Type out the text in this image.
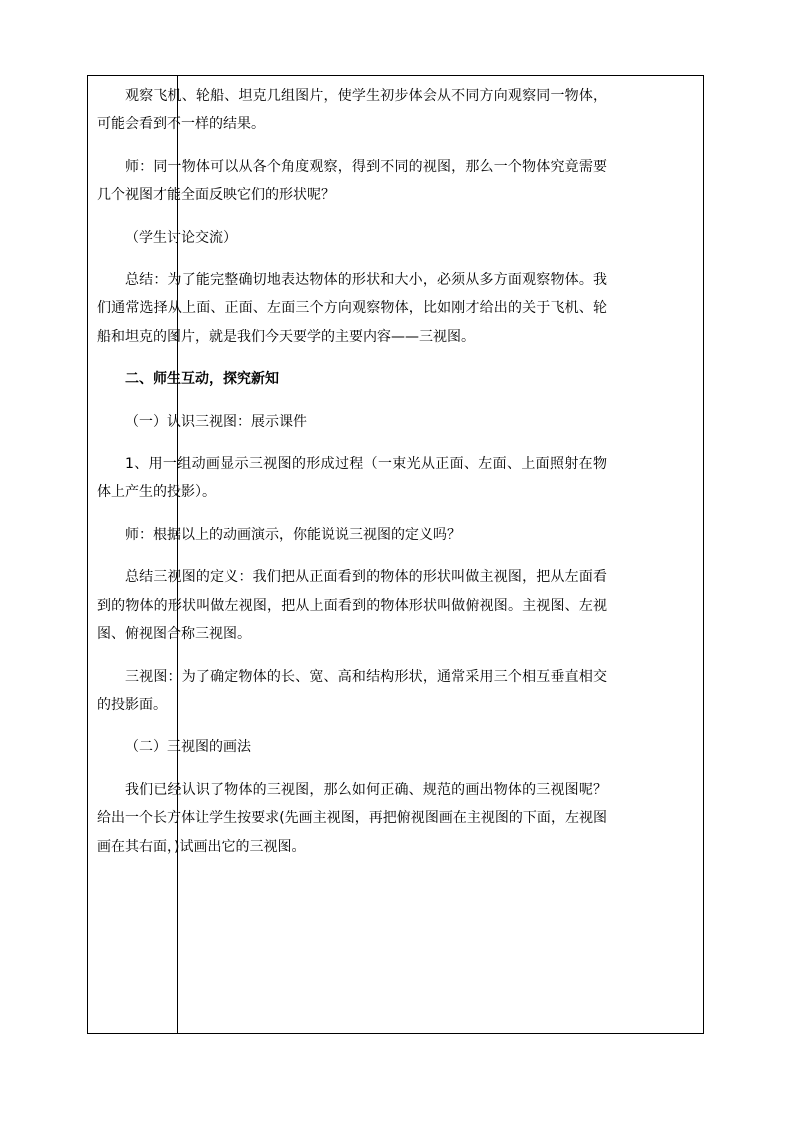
观察飞机、轮船、坦克几组图片，使学生初步体会从不同方向观察同一物体，可能会看到不一样的结果。

师：同一物体可以从各个角度观察，得到不同的视图，那么一个物体究竟需要几个视图才能全面反映它们的形状呢？

（学生讨论交流）

总结：为了能完整确切地表达物体的形状和大小，必须从多方面观察物体。我们通常选择从上面、正面、左面三个方向观察物体，比如刚才给出的关于飞机、轮船和坦克的图片，就是我们今天要学的主要内容——三视图。

二、师生互动，探究新知

（一）认识三视图：展示课件

1、用一组动画显示三视图的形成过程（一束光从正面、左面、上面照射在物体上产生的投影）。

师：根据以上的动画演示，你能说说三视图的定义吗？

总结三视图的定义：我们把从正面看到的物体的形状叫做主视图，把从左面看到的物体的形状叫做左视图，把从上面看到的物体形状叫做俯视图。主视图、左视图、俯视图合称三视图。

三视图：为了确定物体的长、宽、高和结构形状，通常采用三个相互垂直相交的投影面。

（二）三视图的画法

我们已经认识了物体的三视图，那么如何正确、规范的画出物体的三视图呢？给出一个长方体让学生按要求(先画主视图，再把俯视图画在主视图的下面，左视图画在其右面，)试画出它的三视图。
